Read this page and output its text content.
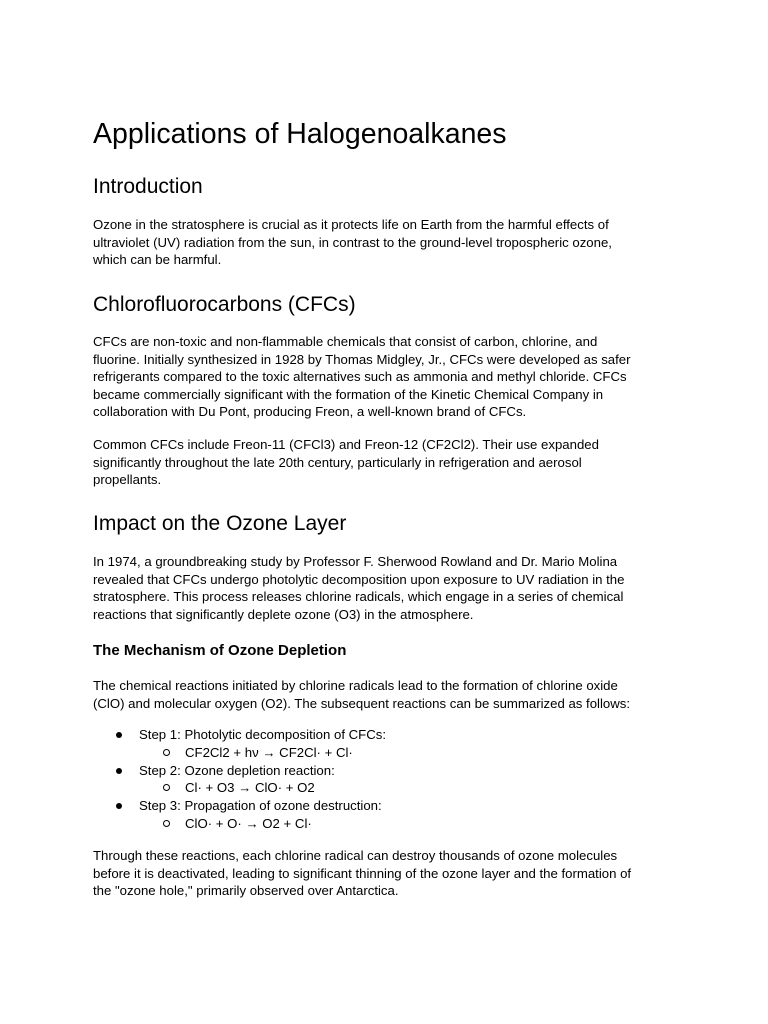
Applications of Halogenoalkanes
Introduction

Ozone in the stratosphere is crucial as it protects life on Earth from the harmful effects of
ultraviolet (UV) radiation from the sun, in contrast to the ground-level tropospheric ozone,
which can be harmful.

Chlorofluorocarbons (CFCs)

CFCs are non-toxic and non-flammable chemicals that consist of carbon, chlorine, and
fluorine. Initially synthesized in 1928 by Thomas Midgley, Jr., CFCs were developed as safer
refrigerants compared to the toxic alternatives such as ammonia and methyl chloride. CFCs
became commercially significant with the formation of the Kinetic Chemical Company in
collaboration with Du Pont, producing Freon, a well-known brand of CFCs.

Common CFCs include Freon-11 (CFCl3) and Freon-12 (CF2Cl2). Their use expanded
significantly throughout the late 20th century, particularly in refrigeration and aerosol
propellants.

Impact on the Ozone Layer

In 1974, a groundbreaking study by Professor F. Sherwood Rowland and Dr. Mario Molina
revealed that CFCs undergo photolytic decomposition upon exposure to UV radiation in the
stratosphere. This process releases chlorine radicals, which engage in a series of chemical
reactions that significantly deplete ozone (O3) in the atmosphere.

The Mechanism of Ozone Depletion

The chemical reactions initiated by chlorine radicals lead to the formation of chlorine oxide
(ClO) and molecular oxygen (O2). The subsequent reactions can be summarized as follows:

Step 1: Photolytic decomposition of CFCs:
CF2Cl2 + hν → CF2Cl· + Cl·
Step 2: Ozone depletion reaction:
Cl· + O3 → ClO· + O2
Step 3: Propagation of ozone destruction:
ClO· + O· → O2 + Cl·

Through these reactions, each chlorine radical can destroy thousands of ozone molecules
before it is deactivated, leading to significant thinning of the ozone layer and the formation of
the "ozone hole," primarily observed over Antarctica.
